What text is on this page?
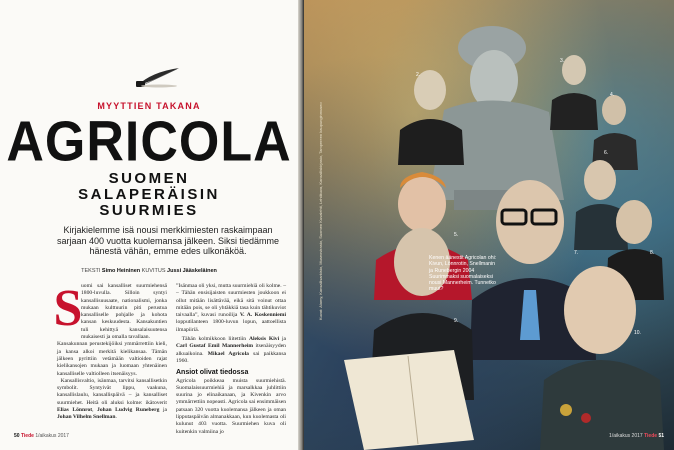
MYYTTIEN TAKANA
AGRICOLA
SUOMEN
SALAPERÄISIN
SUURMIES
Kirjakielemme isä nousi merkkimiesten raskaimpaan sarjaan 400 vuotta kuolemansa jälkeen. Siksi tiedämme hänestä vähän, emme edes ulkonäköä.
TEKSTI Simo Heininen KUVITUS Jussi Jääskeläinen
S

uomi sai kansalliset suurmiehensä 1800-luvulla. Silloin syntyi kansallisuusaate, nationalismi, jonka mukaan kulttuurin piti perustua kansalliselle pohjalle ja kohota kansan keskuudesta. Kansakuntien tuli kehittyä kansalaisuutensa mukaisesti ja omalla tavallaan.

Kansakunnan perustekijöiksi ymmärrettiin kieli, ja kansa alkoi merkitä kielikansaa. Tämän jälkeen pyrittiin vetämään valtioiden rajat kielikansojen mukaan ja luomaan yhtenäinen kansalliselle valtiolleen itsenäisyys.

Kansallisvaltio, isänmaa, tarvitsi kansallisetkin symbolit. Syntyivät lippu, vaakuna, kansallislaulu, kansallispäivä – ja kansalliset suurmiehet. Heitä oli aluksi kolme: ikätoverit Elias Lönnrot, Johan Ludvig Runeberg ja Johan Vilhelm Snellman.

”Isänmaa oli yksi, mutta suurmiehiä oli kolme. – – Tähän ensisijaisten suurmiesten joukkoon ei ollut mitään lisättävää, eikä sitä voinut ottaa mitään pois, se oli yhtäkkiä tasa kuin tähtikuviot taivaalla”, kuvasi runoilija V. A. Koskenniemi lopputilanteen 1800-luvun lopun, aattoellista ilmapiiriä.

Tähän kolmikkoon liitettiin Aleksis Kivi ja Carl Gustaf Emil Mannerheim itsenäisyyden alkuaikoina. Mikael Agricola sai paikkansa 1960.

Ansiot olivat tiedossa

Agricola poikkeaa muista suurmiehistä. Suomalaissuurmiehiä ja marsalkkaa juhlittiin suurina jo elinaikanaan, ja Kivenkin arvo ymmärrettiin nopeasti. Agricola sai ensimmäisen patsaan 320 vuotta kuolemansa jälkeen ja oman lipputaspäivän almanakkaan, kun kuolemasta oli kulunut 403 vuotta. Suurmiehen kuva oli kuitenkin valmiina jo

50 Tiede 1/aikakus 2017
Kuvat: Alamy, Kansallisarkisto, Museovirasto, Suomen Kuvalehti, Lehtikuva, Kansalliskirjasto, Tampereen kaupunginmuseo	Kenen äänestit Agricolan ohi: Kivun, Lönnrotin, Snellmanin ja Runebergin 2004 Suurimmaksi suomalaiseksi nousi Mannerheim. Tunnetko muut?
2.
3.
4.
5.
6.
7.	8.
9.
10.
1/aikakus 2017 Tiede 51
